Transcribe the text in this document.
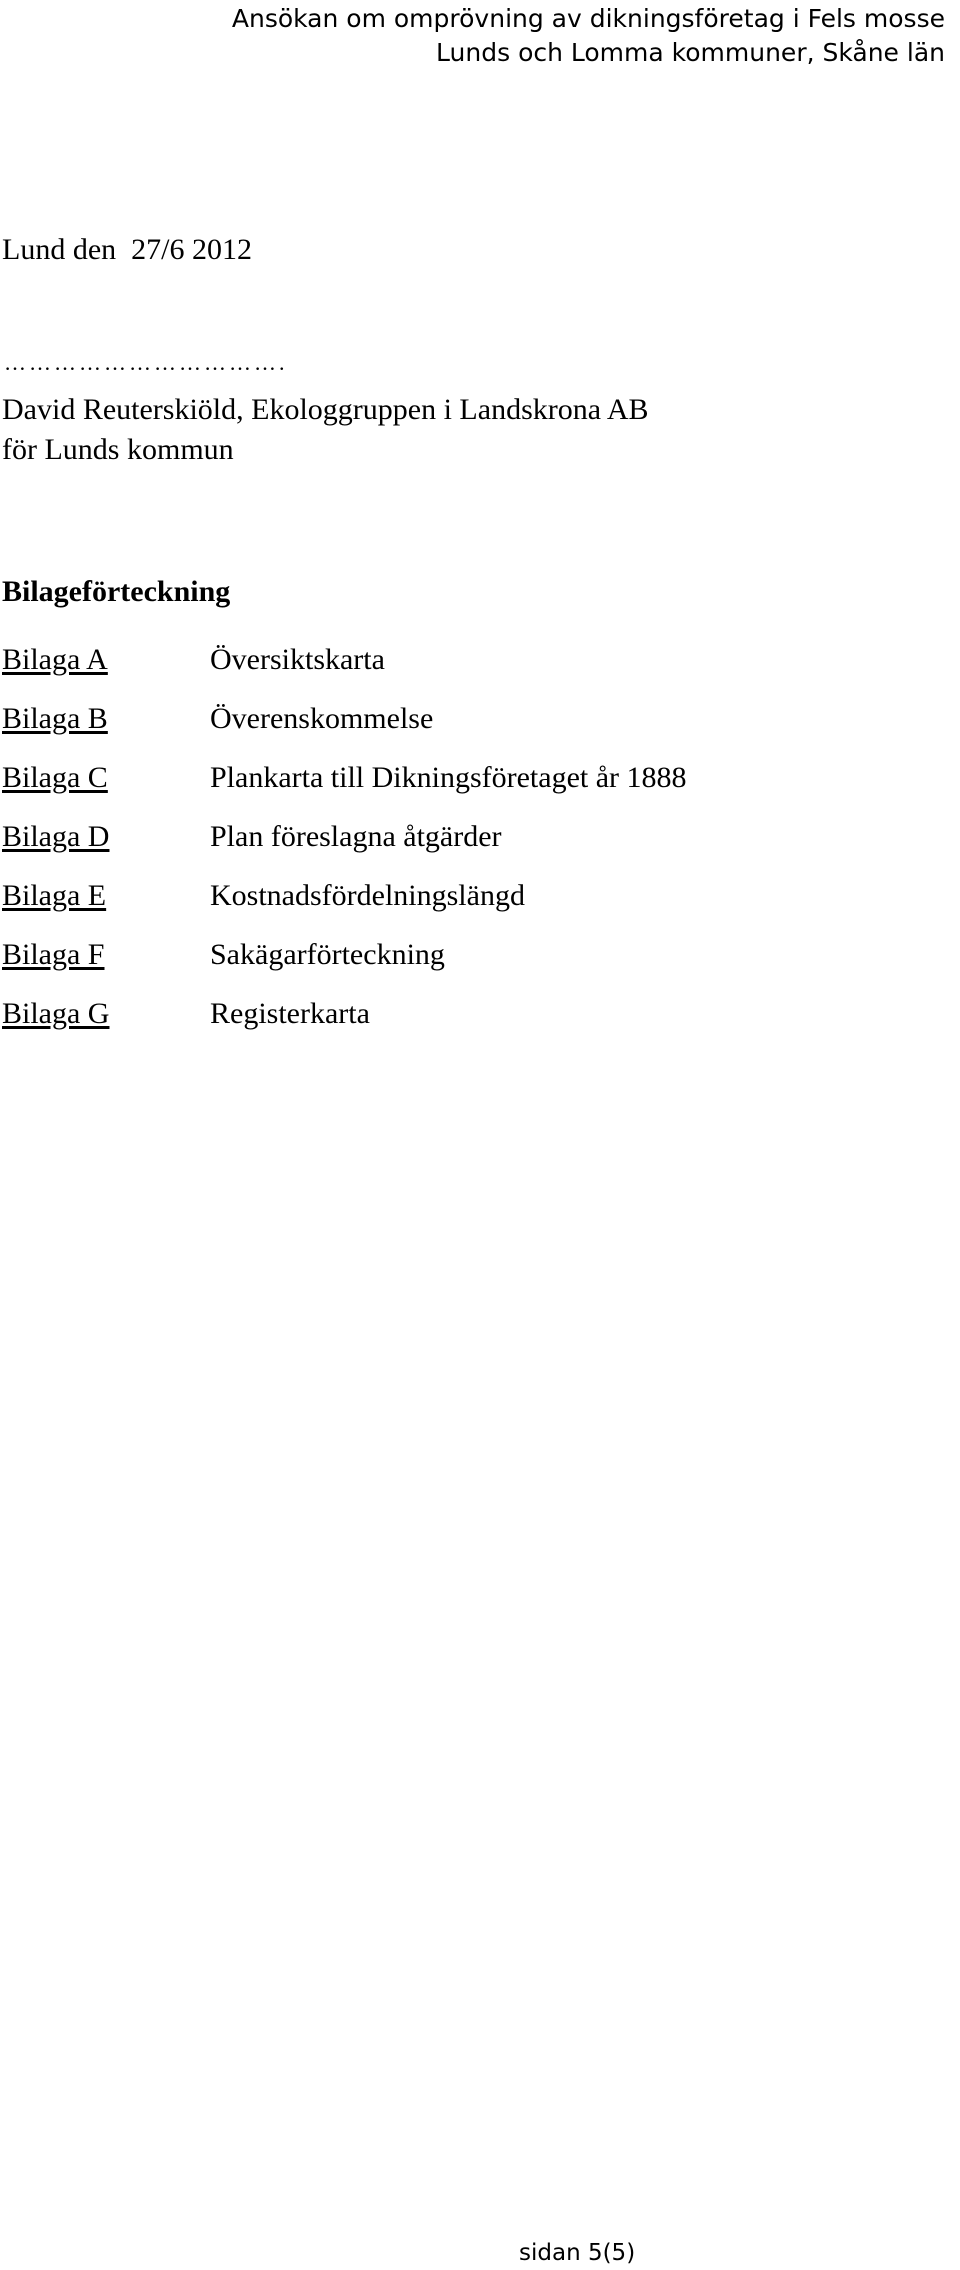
Ansökan om omprövning av dikningsföretag i Fels mosse
Lunds och Lomma kommuner, Skåne län
Lund den  27/6 2012
…………………………….
David Reuterskiöld, Ekologgruppen i Landskrona AB
för Lunds kommun
Bilageförteckning
Bilaga A	Översiktskarta
Bilaga B	Överenskommelse
Bilaga C	Plankarta till Dikningsföretaget år 1888
Bilaga D	Plan föreslagna åtgärder
Bilaga E	Kostnadsfördelningslängd
Bilaga F	Sakägarförteckning
Bilaga G	Registerkarta
sidan 5(5)
